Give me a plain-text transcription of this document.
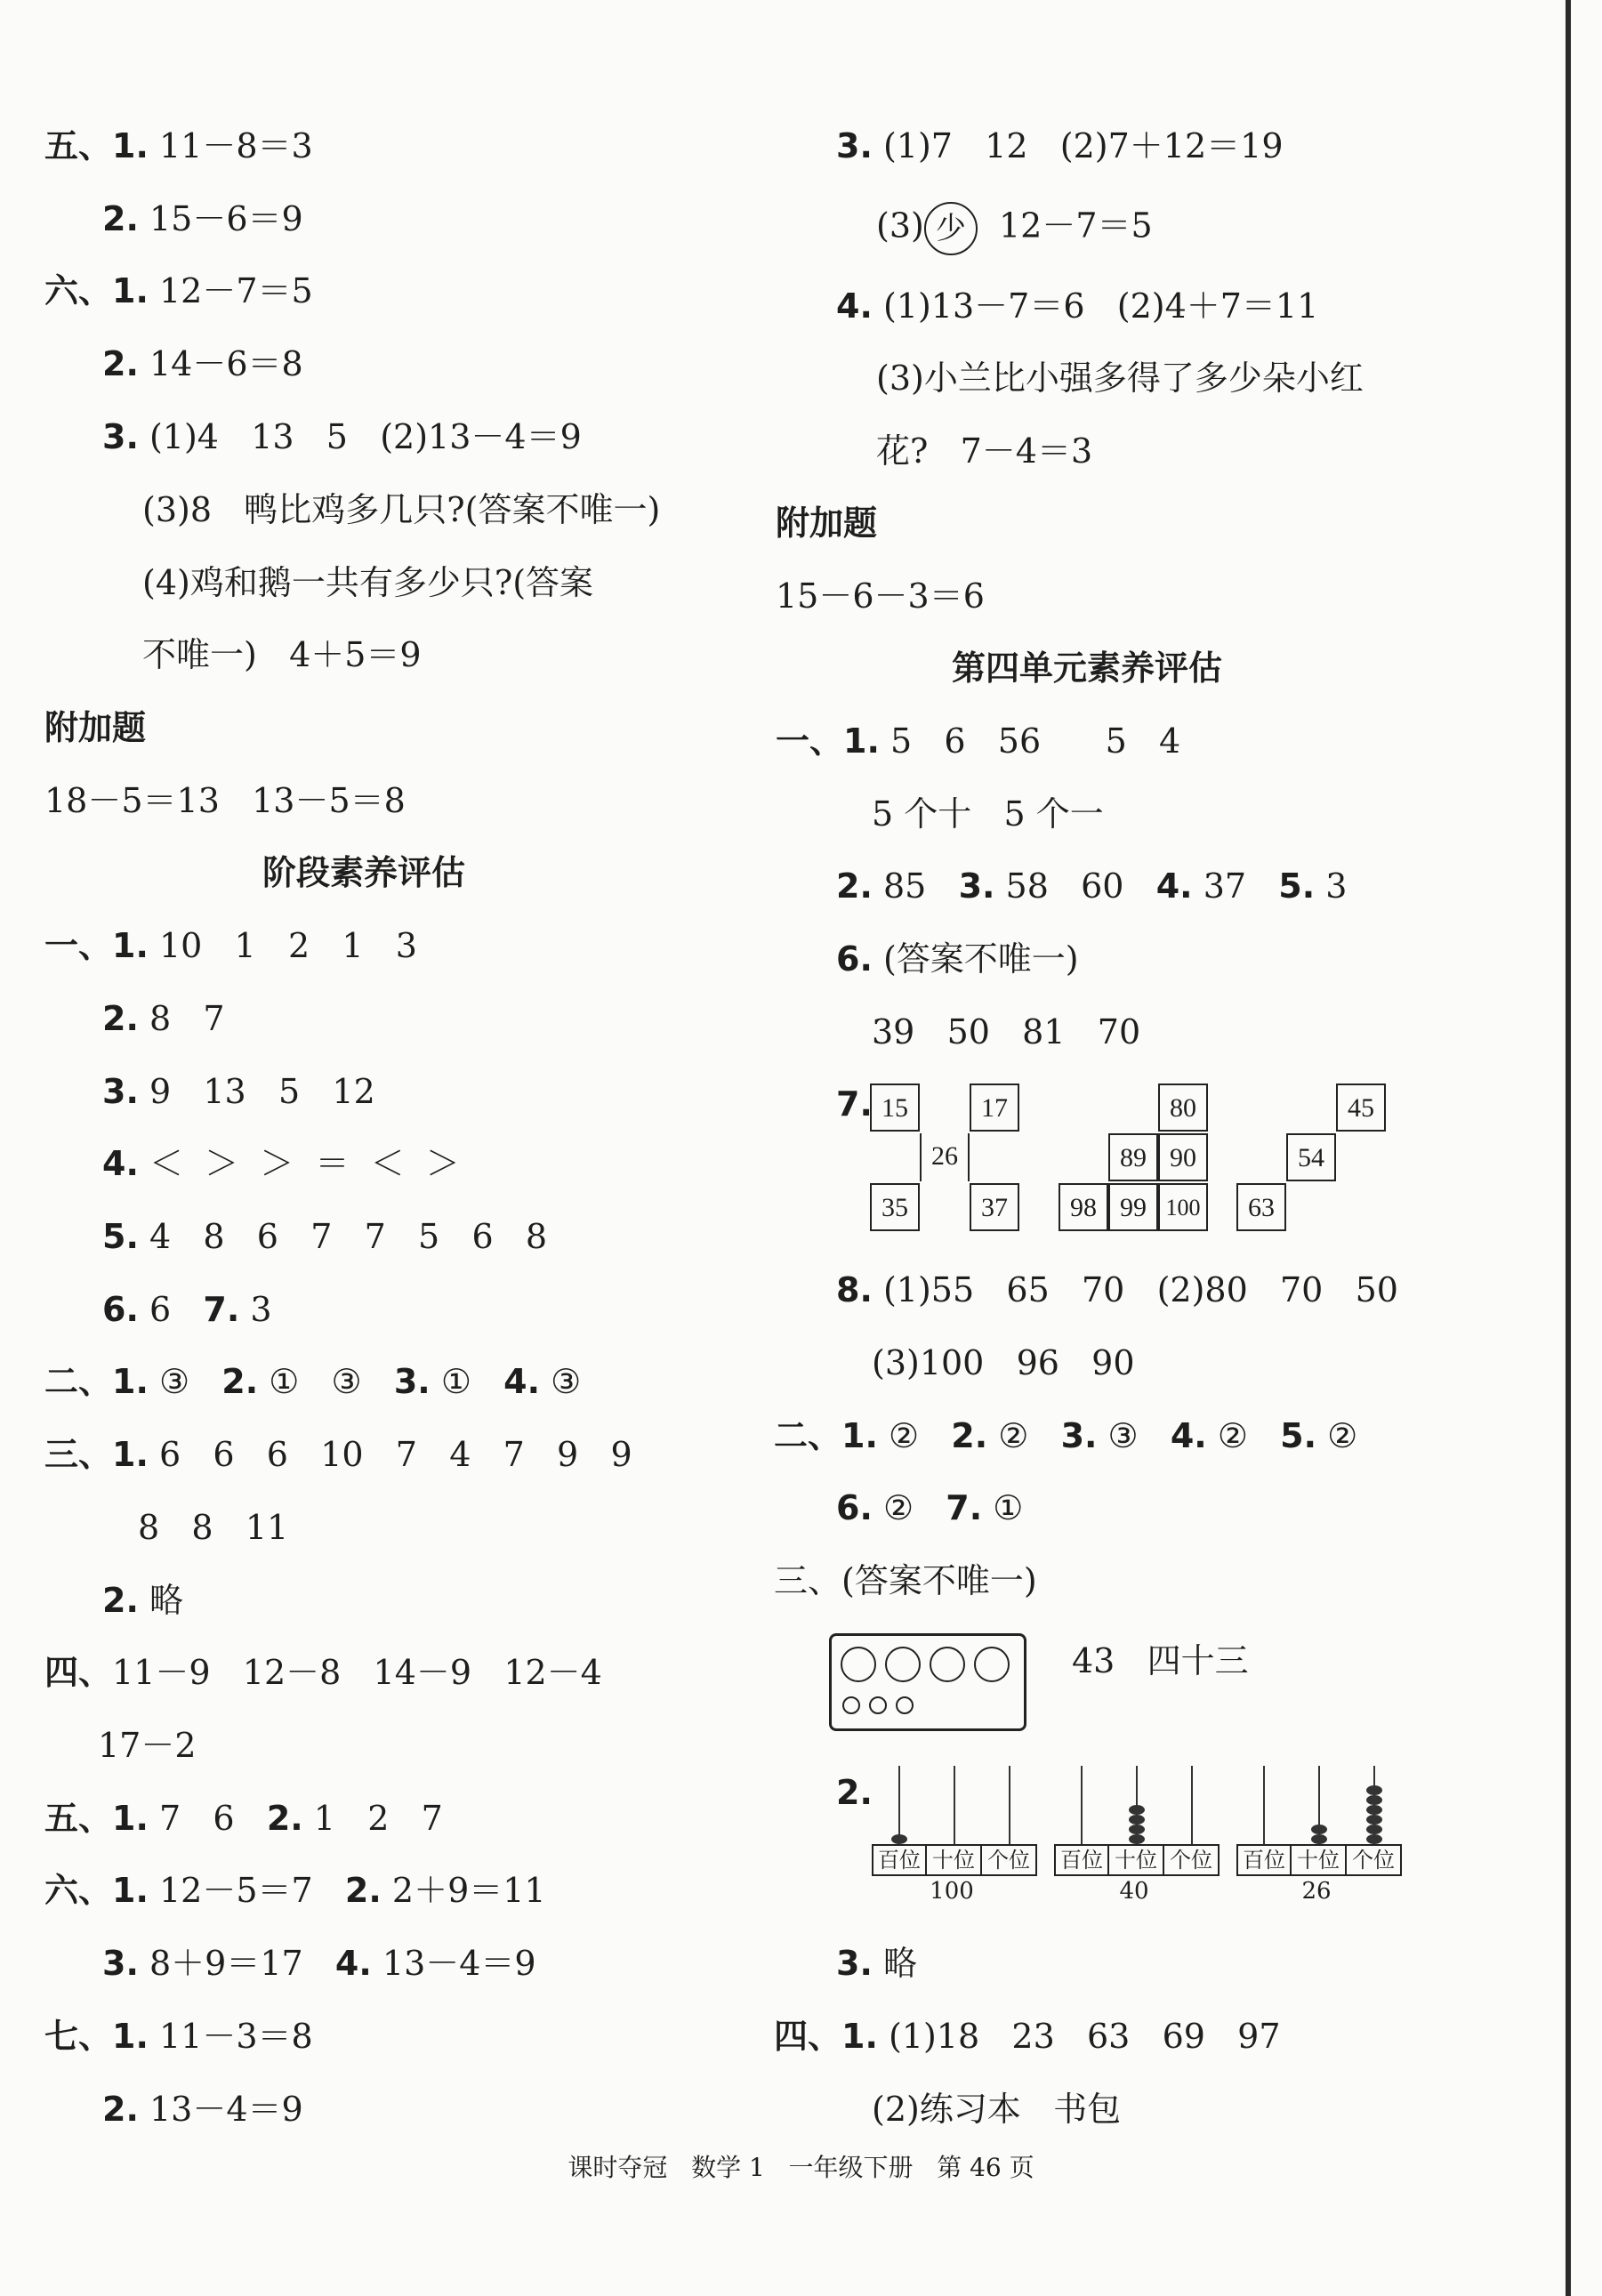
五、1. 11－8＝3
2. 15－6＝9
六、1. 12－7＝5
2. 14－6＝8
3. (1)4   13   5   (2)13－4＝9
(3)8   鸭比鸡多几只?(答案不唯一)
(4)鸡和鹅一共有多少只?(答案
不唯一)   4＋5＝9
附加题
18－5＝13   13－5＝8
阶段素养评估
一、1. 10   1   2   1   3
2. 8   7
3. 9   13   5   12
4. ＜  ＞  ＞  ＝  ＜  ＞
5. 4   8   6   7   7   5   6   8
6. 6   7. 3
二、1. ③   2. ①   ③   3. ①   4. ③
三、1. 6   6   6   10   7   4   7   9   9
8   8   11
2. 略
四、11－9   12－8   14－9   12－4
17－2
五、1. 7   6   2. 1   2   7
六、1. 12－5＝7   2. 2＋9＝11
3. 8＋9＝17   4. 13－4＝9
七、1. 11－3＝8
2. 13－4＝9
3. (1)7   12   (2)7＋12＝19
(3) 少  12－7＝5
4. (1)13－7＝6   (2)4＋7＝11
(3)小兰比小强多得了多少朵小红
花?   7－4＝3
附加题
15－6－3＝6
第四单元素养评估
一、1. 5   6   56      5   4
5 个十   5 个一
2. 85   3. 58   60   4. 37   5. 3
6. (答案不唯一)
39   50   81   70
7. 15	17
26
35	37
80
89 90
98 99 100
45
54
63
8. (1)55   65   70   (2)80   70   50
(3)100   96   90
二、1. ②   2. ②   3. ③   4. ②   5. ②
6. ②   7. ①
三、(答案不唯一)
43   四十三
2.
百位 十位 个位
100
百位 十位 个位
40
百位 十位 个位
26
3. 略
四、1. (1)18   23   63   69   97
(2)练习本   书包
课时夺冠   数学 1   一年级下册   第 46 页
